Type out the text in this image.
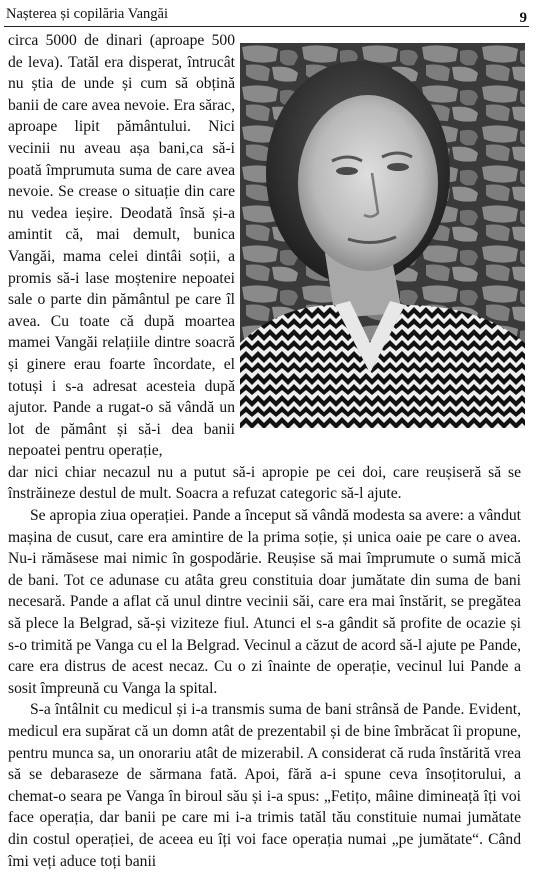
Nașterea și copilăria Vangăi	9

circa 5000 de dinari (aproape 500 de leva). Tatăl era disperat, întrucât nu știa de unde și cum să obțină banii de care avea nevoie. Era sărac, aproape lipit pământului. Nici vecinii nu aveau așa bani,ca să-i poată împrumuta suma de care avea nevoie. Se crease o situație din care nu vedea ieșire. Deodată însă și-a amintit că, mai demult, bunica Vangăi, mama celei dintâi soții, a promis să-i lase moștenire nepoatei sale o parte din pământul pe care îl avea. Cu toate că după moartea mamei Vangăi relațiile dintre soacră și ginere erau foarte încordate, el totuși i s-a adresat acesteia după ajutor. Pande a rugat-o să vândă un lot de pământ și să-i dea banii nepoatei pentru operație,

dar nici chiar necazul nu a putut să-i apropie pe cei doi, care reușiseră să se înstrăineze destul de mult. Soacra a refuzat categoric să-l ajute.

Se apropia ziua operației. Pande a început să vândă modesta sa avere: a vândut mașina de cusut, care era amintire de la prima soție, și unica oaie pe care o avea. Nu-i rămăsese mai nimic în gospodărie. Reușise să mai împrumute o sumă mică de bani. Tot ce adunase cu atâta greu constituia doar jumătate din suma de bani necesară. Pande a aflat că unul dintre vecinii săi, care era mai înstărit, se pregătea să plece la Belgrad, să-și viziteze fiul. Atunci el s-a gândit să profite de ocazie și s-o trimită pe Vanga cu el la Belgrad. Vecinul a căzut de acord să-l ajute pe Pande, care era distrus de acest necaz. Cu o zi înainte de operație, vecinul lui Pande a sosit împreună cu Vanga la spital.

S-a întâlnit cu medicul și i-a transmis suma de bani strânsă de Pande. Evident, medicul era supărat că un domn atât de prezentabil și de bine îmbrăcat îi propune, pentru munca sa, un onorariu atât de mizerabil. A considerat că ruda înstărită vrea să se debaraseze de sărmana fată. Apoi, fără a-i spune ceva însoțitorului, a chemat-o seara pe Vanga în biroul său și i-a spus: „Fetițo, mâine dimineață îți voi face operația, dar banii pe care mi i-a trimis tatăl tău constituie numai jumătate din costul operației, de aceea eu îți voi face operația numai „pe jumătate“. Când îmi veți aduce toți banii
